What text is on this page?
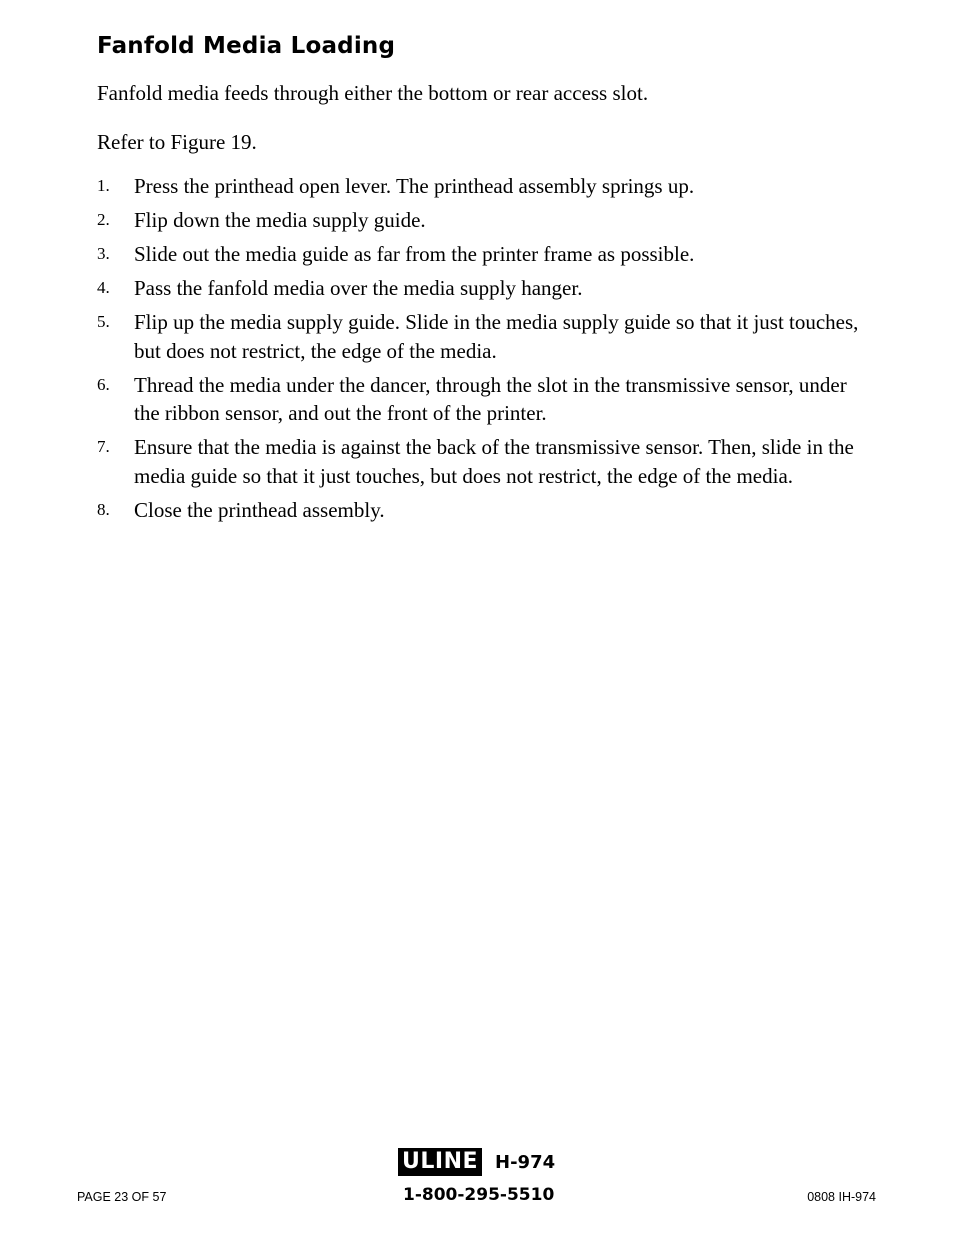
Fanfold Media Loading

Fanfold media feeds through either the bottom or rear access slot.

Refer to Figure 19.

1.	Press the printhead open lever. The printhead assembly springs up.
2.	Flip down the media supply guide.
3.	Slide out the media guide as far from the printer frame as possible.
4.	Pass the fanfold media over the media supply hanger.
5.	Flip up the media supply guide. Slide in the media supply guide so that it just touches, but does not restrict, the edge of the media.
6.	Thread the media under the dancer, through the slot in the transmissive sensor, under the ribbon sensor, and out the front of the printer.
7.	Ensure that the media is against the back of the transmissive sensor. Then, slide in the media guide so that it just touches, but does not restrict, the edge of the media.
8.	Close the printhead assembly.
ULINE H-974
1-800-295-5510
PAGE 23 OF 57	0808 IH-974
